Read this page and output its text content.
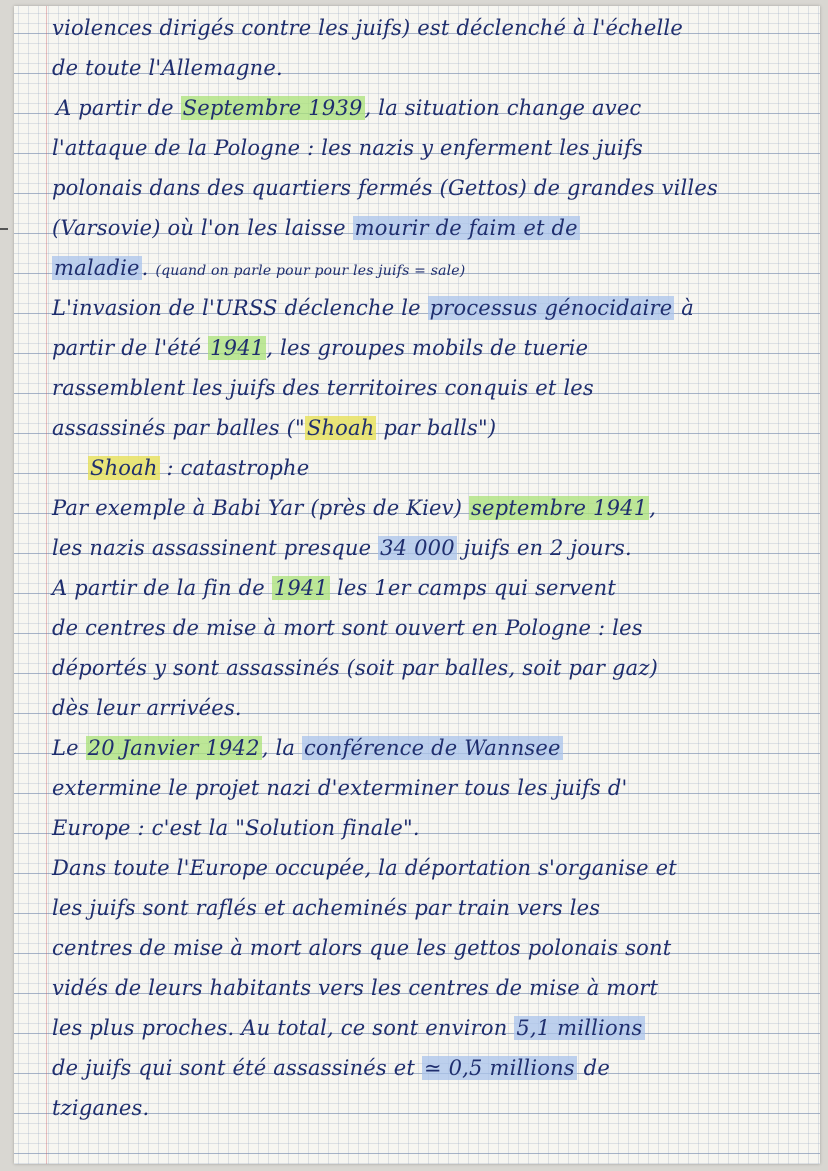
violences dirigés contre les juifs) est déclenché à l'échelle
de toute l'Allemagne.
A partir de Septembre 1939, la situation change avec
l'attaque de la Pologne : les nazis y enferment les juifs
polonais dans des quartiers fermés (Gettos) de grandes villes
(Varsovie) où l'on les laisse mourir de faim et de
maladie. (quand on parle pour pour les juifs = sale)
L'invasion de l'URSS déclenche le processus génocidaire à
partir de l'été 1941, les groupes mobils de tuerie
rassemblent les juifs des territoires conquis et les
assassinés par balles ("Shoah par balls")
Shoah : catastrophe
Par exemple à Babi Yar (près de Kiev) septembre 1941,
les nazis assassinent presque 34 000 juifs en 2 jours.
A partir de la fin de 1941 les 1er camps qui servent
de centres de mise à mort sont ouvert en Pologne : les
déportés y sont assassinés (soit par balles, soit par gaz)
dès leur arrivées.
Le 20 Janvier 1942, la conférence de Wannsee
extermine le projet nazi d'exterminer tous les juifs d'
Europe : c'est la "Solution finale".
Dans toute l'Europe occupée, la déportation s'organise et
les juifs sont raflés et acheminés par train vers les
centres de mise à mort alors que les gettos polonais sont
vidés de leurs habitants vers les centres de mise à mort
les plus proches. Au total, ce sont environ 5,1 millions
de juifs qui sont été assassinés et ≃ 0,5 millions de
tziganes.
